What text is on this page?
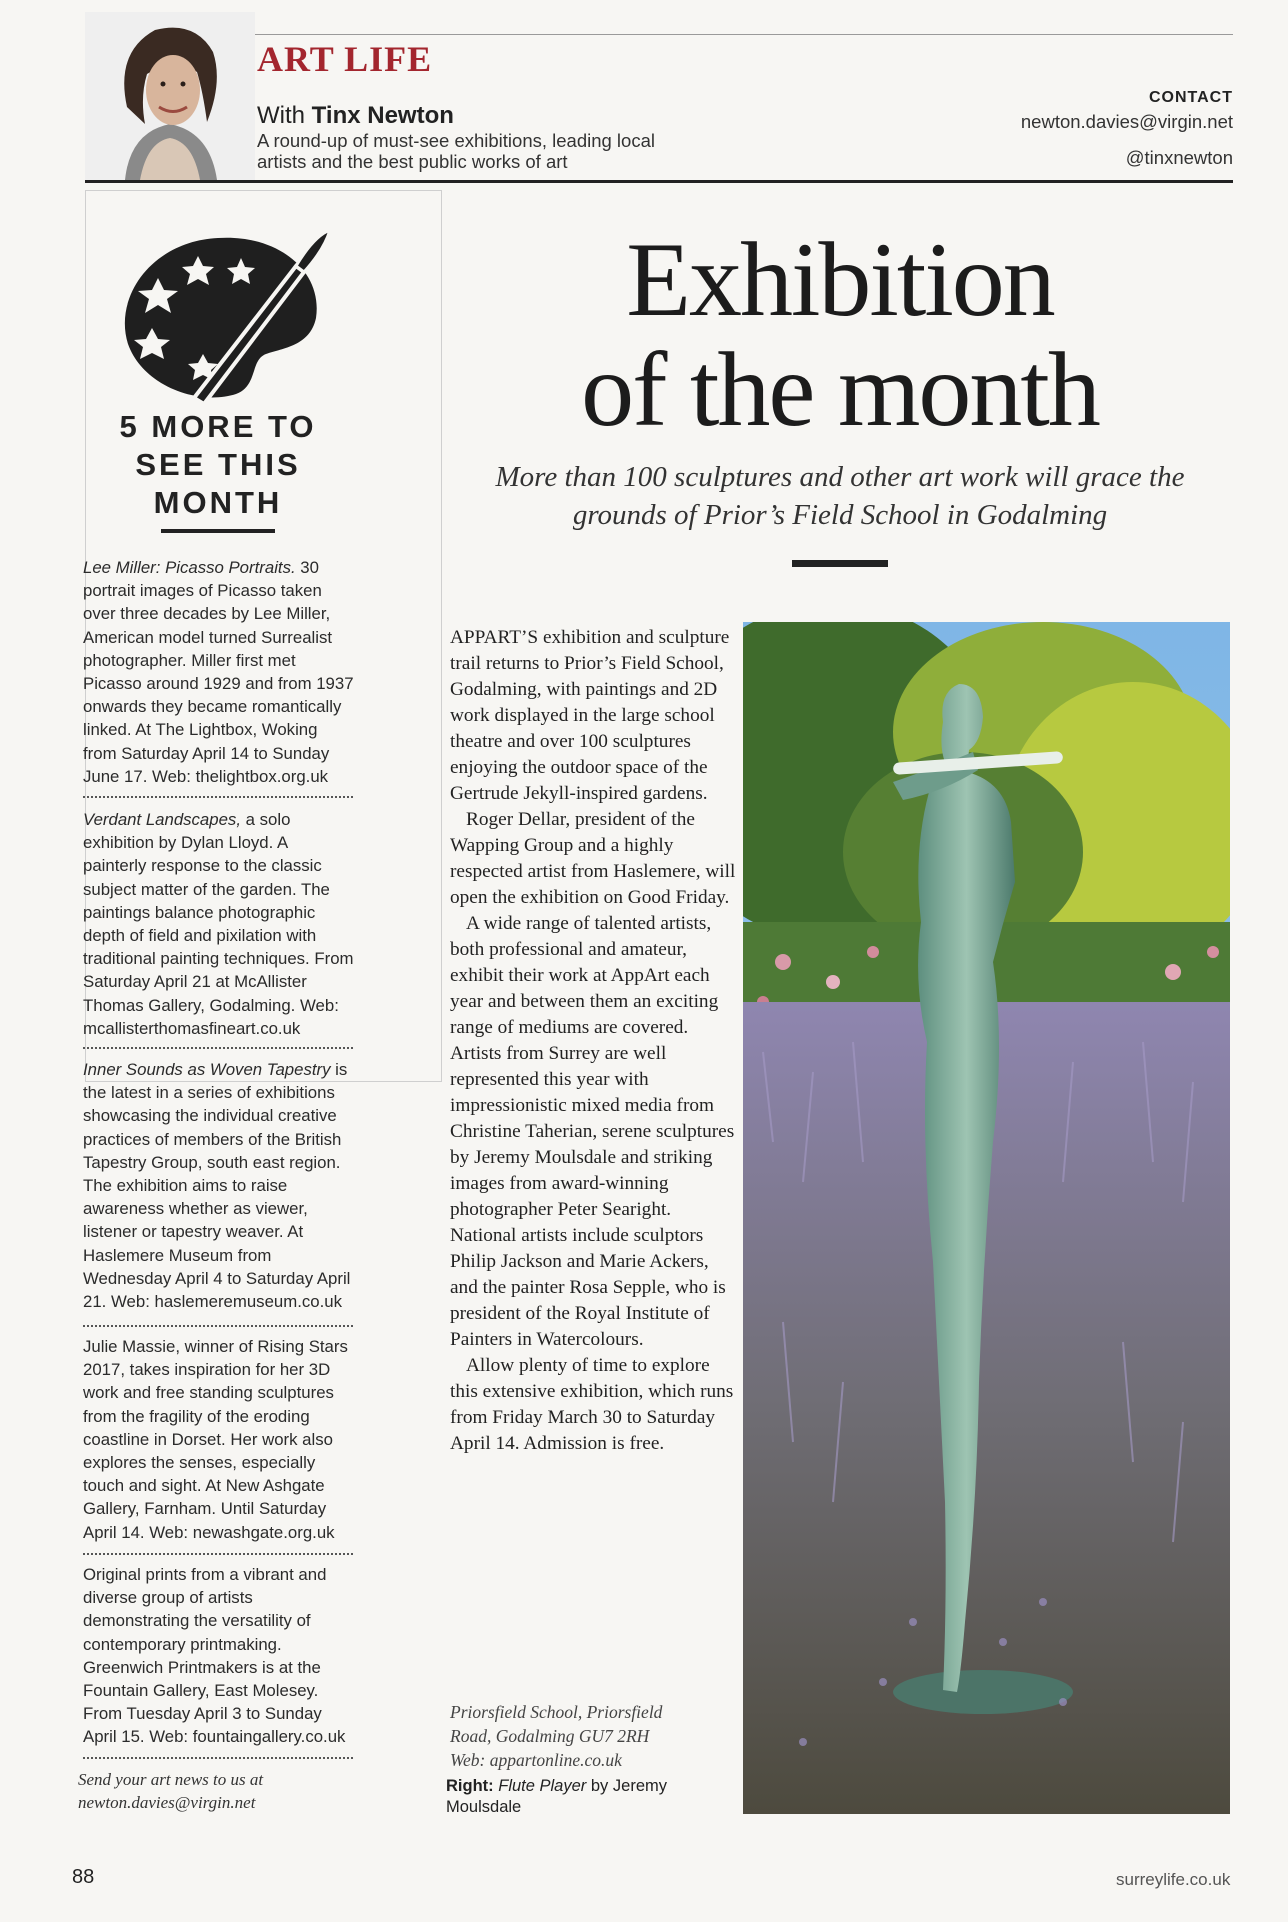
ART LIFE
With Tinx Newton
A round-up of must-see exhibitions, leading local artists and the best public works of art
CONTACT
newton.davies@virgin.net
@tinxnewton
5 MORE TO
SEE THIS
MONTH
Lee Miller: Picasso Portraits. 30 portrait images of Picasso taken over three decades by Lee Miller, American model turned Surrealist photographer. Miller first met Picasso around 1929 and from 1937 onwards they became romantically linked. At The Lightbox, Woking from Saturday April 14 to Sunday June 17. Web: thelightbox.org.uk
Verdant Landscapes, a solo exhibition by Dylan Lloyd. A painterly response to the classic subject matter of the garden. The paintings balance photographic depth of field and pixilation with traditional painting techniques. From Saturday April 21 at McAllister Thomas Gallery, Godalming. Web: mcallisterthomasfineart.co.uk
Inner Sounds as Woven Tapestry is the latest in a series of exhibitions showcasing the individual creative practices of members of the British Tapestry Group, south east region. The exhibition aims to raise awareness whether as viewer, listener or tapestry weaver. At Haslemere Museum from Wednesday April 4 to Saturday April 21. Web: haslemeremuseum.co.uk
Julie Massie, winner of Rising Stars 2017, takes inspiration for her 3D work and free standing sculptures from the fragility of the eroding coastline in Dorset. Her work also explores the senses, especially touch and sight. At New Ashgate Gallery, Farnham. Until Saturday April 14. Web: newashgate.org.uk
Original prints from a vibrant and diverse group of artists demonstrating the versatility of contemporary printmaking. Greenwich Printmakers is at the Fountain Gallery, East Molesey. From Tuesday April 3 to Sunday April 15. Web: fountaingallery.co.uk
Send your art news to us at newton.davies@virgin.net
Exhibition
of the month
More than 100 sculptures and other art work will grace the grounds of Prior’s Field School in Godalming

APPART’S exhibition and sculpture trail returns to Prior’s Field School, Godalming, with paintings and 2D work displayed in the large school theatre and over 100 sculptures enjoying the outdoor space of the Gertrude Jekyll-inspired gardens.

Roger Dellar, president of the Wapping Group and a highly respected artist from Haslemere, will open the exhibition on Good Friday.

A wide range of talented artists, both professional and amateur, exhibit their work at AppArt each year and between them an exciting range of mediums are covered. Artists from Surrey are well represented this year with impressionistic mixed media from Christine Taherian, serene sculptures by Jeremy Moulsdale and striking images from award-winning photographer Peter Searight. National artists include sculptors Philip Jackson and Marie Ackers, and the painter Rosa Sepple, who is president of the Royal Institute of Painters in Watercolours.

Allow plenty of time to explore this extensive exhibition, which runs from Friday March 30 to Saturday April 14. Admission is free.

Priorsfield School, Priorsfield
Road, Godalming GU7 2RH
Web: appartonline.co.uk
Right: Flute Player by Jeremy Moulsdale
88	surreylife.co.uk
